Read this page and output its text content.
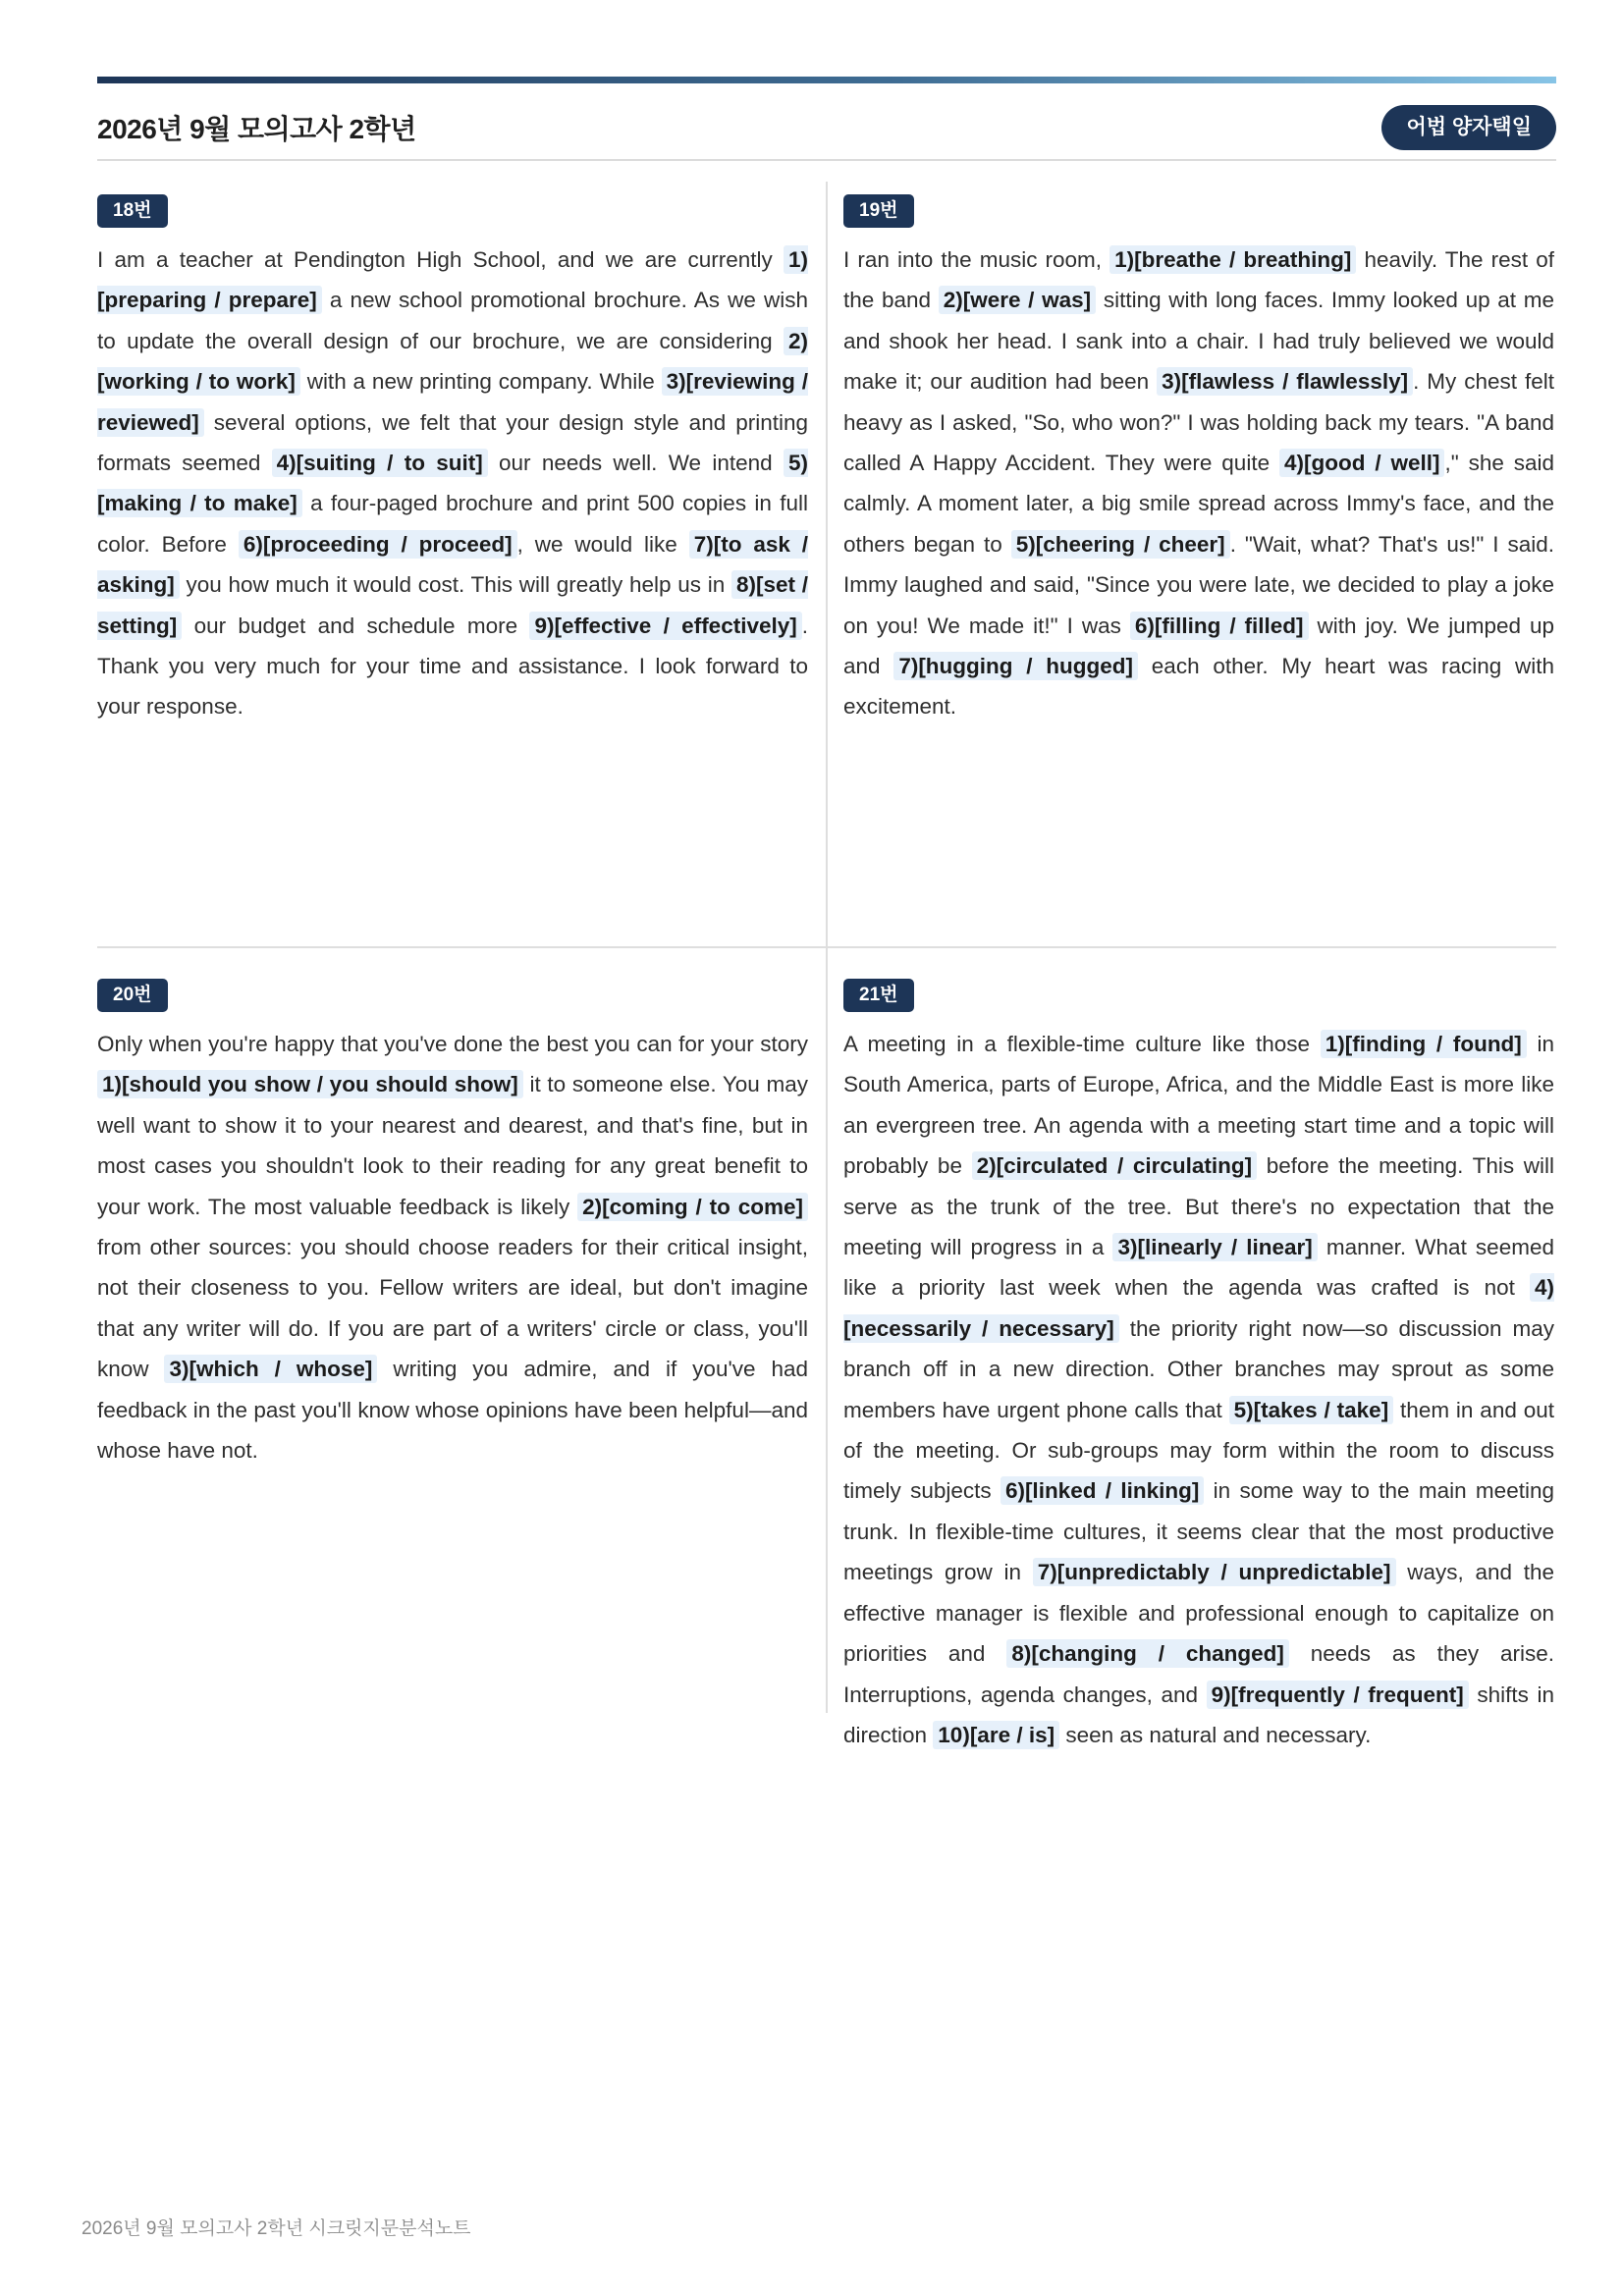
2026년 9월 모의고사 2학년	어법 양자택일
18번
I am a teacher at Pendington High School, and we are currently 1)[preparing / prepare] a new school promotional brochure. As we wish to update the overall design of our brochure, we are considering 2)[working / to work] with a new printing company. While 3)[reviewing / reviewed] several options, we felt that your design style and printing formats seemed 4)[suiting / to suit] our needs well. We intend 5)[making / to make] a four-paged brochure and print 500 copies in full color. Before 6)[proceeding / proceed] , we would like 7)[to ask / asking] you how much it would cost. This will greatly help us in 8)[set / setting] our budget and schedule more 9)[effective / effectively] . Thank you very much for your time and assistance. I look forward to your response.
19번
I ran into the music room, 1)[breathe / breathing] heavily. The rest of the band 2)[were / was] sitting with long faces. Immy looked up at me and shook her head. I sank into a chair. I had truly believed we would make it; our audition had been 3)[flawless / flawlessly] . My chest felt heavy as I asked, "So, who won?" I was holding back my tears. "A band called A Happy Accident. They were quite 4)[good / well] ," she said calmly. A moment later, a big smile spread across Immy's face, and the others began to 5)[cheering / cheer] . "Wait, what? That's us!" I said. Immy laughed and said, "Since you were late, we decided to play a joke on you! We made it!" I was 6)[filling / filled] with joy. We jumped up and 7)[hugging / hugged] each other. My heart was racing with excitement.
20번
Only when you're happy that you've done the best you can for your story 1)[should you show / you should show] it to someone else. You may well want to show it to your nearest and dearest, and that's fine, but in most cases you shouldn't look to their reading for any great benefit to your work. The most valuable feedback is likely 2)[coming / to come] from other sources: you should choose readers for their critical insight, not their closeness to you. Fellow writers are ideal, but don't imagine that any writer will do. If you are part of a writers' circle or class, you'll know 3)[which / whose] writing you admire, and if you've had feedback in the past you'll know whose opinions have been helpful—and whose have not.
21번
A meeting in a flexible-time culture like those 1)[finding / found] in South America, parts of Europe, Africa, and the Middle East is more like an evergreen tree. An agenda with a meeting start time and a topic will probably be 2)[circulated / circulating] before the meeting. This will serve as the trunk of the tree. But there's no expectation that the meeting will progress in a 3)[linearly / linear] manner. What seemed like a priority last week when the agenda was crafted is not 4)[necessarily / necessary] the priority right now—so discussion may branch off in a new direction. Other branches may sprout as some members have urgent phone calls that 5)[takes / take] them in and out of the meeting. Or sub-groups may form within the room to discuss timely subjects 6)[linked / linking] in some way to the main meeting trunk. In flexible-time cultures, it seems clear that the most productive meetings grow in 7)[unpredictably / unpredictable] ways, and the effective manager is flexible and professional enough to capitalize on priorities and 8)[changing / changed] needs as they arise. Interruptions, agenda changes, and 9)[frequently / frequent] shifts in direction 10)[are / is] seen as natural and necessary.
2026년 9월 모의고사 2학년 시크릿지문분석노트
